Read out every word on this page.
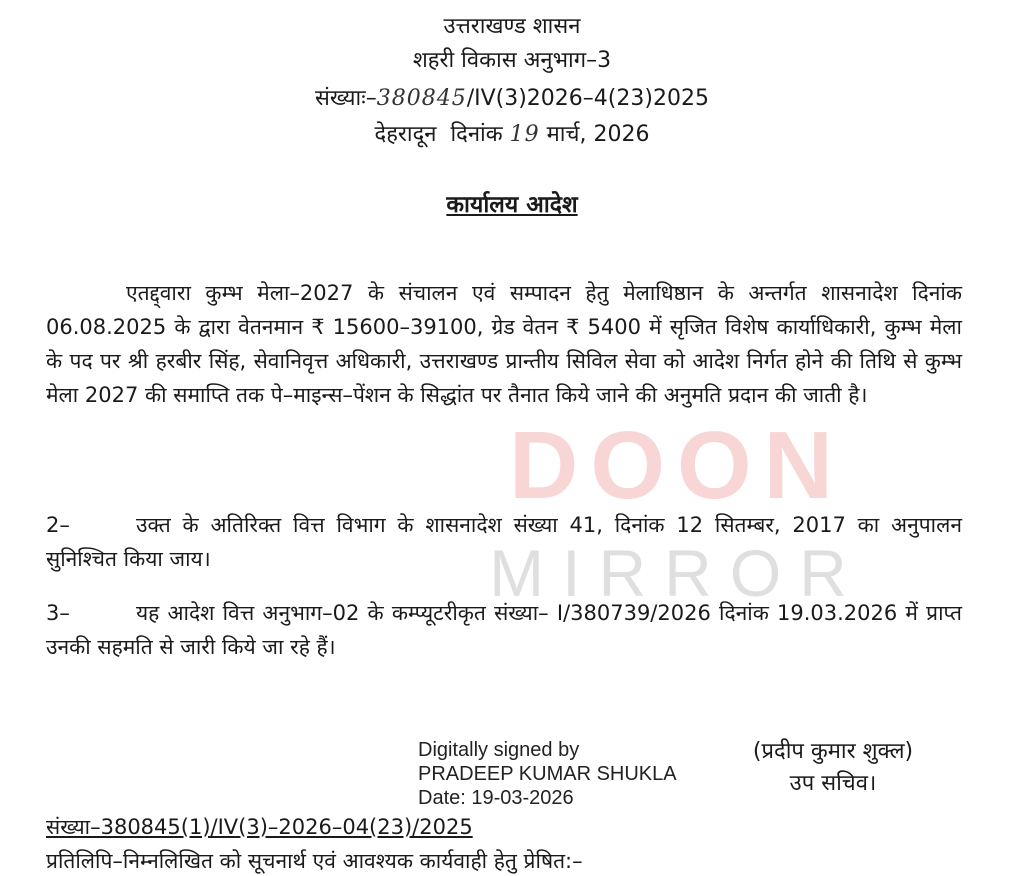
उत्तराखण्ड शासन
शहरी विकास अनुभाग–3
संख्याः–380845/IV(3)2026–4(23)2025
देहरादून  दिनांक 19 मार्च, 2026
कार्यालय आदेश
एतद्द्वारा कुम्भ मेला–2027 के संचालन एवं सम्पादन हेतु मेलाधिष्ठान के अन्तर्गत शासनादेश दिनांक 06.08.2025 के द्वारा वेतनमान ₹ 15600–39100, ग्रेड वेतन ₹ 5400 में सृजित विशेष कार्याधिकारी, कुम्भ मेला के पद पर श्री हरबीर सिंह, सेवानिवृत्त अधिकारी, उत्तराखण्ड प्रान्तीय सिविल सेवा को आदेश निर्गत होने की तिथि से कुम्भ मेला 2027 की समाप्ति तक पे–माइन्स–पेंशन के सिद्धांत पर तैनात किये जाने की अनुमति प्रदान की जाती है।
2–	उक्त के अतिरिक्त वित्त विभाग के शासनादेश संख्या 41, दिनांक 12 सितम्बर, 2017 का अनुपालन सुनिश्चित किया जाय।
3–	यह आदेश वित्त अनुभाग–02 के कम्प्यूटरीकृत संख्या– I/380739/2026 दिनांक 19.03.2026 में प्राप्त उनकी सहमति से जारी किये जा रहे हैं।
Digitally signed by
PRADEEP KUMAR SHUKLA
Date: 19-03-2026
(प्रदीप कुमार शुक्ल)
उप सचिव।
संख्या–380845(1)/IV(3)–2026–04(23)/2025
प्रतिलिपि–निम्नलिखित को सूचनार्थ एवं आवश्यक कार्यवाही हेतु प्रेषित:–
DOON
MIRROR
